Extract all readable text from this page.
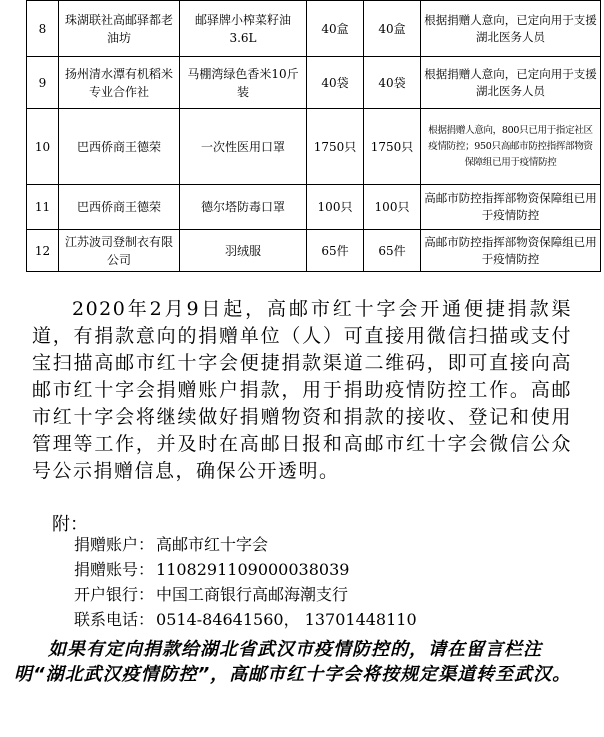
8	珠湖联社高邮驿都老油坊	邮驿牌小榨菜籽油3.6L	40盒	40盒	根据捐赠人意向，已定向用于支援湖北医务人员
9	扬州清水潭有机稻米专业合作社	马棚湾绿色香米10斤装	40袋	40袋	根据捐赠人意向，已定向用于支援湖北医务人员
10	巴西侨商王德荣	一次性医用口罩	1750只	1750只	根据捐赠人意向，800只已用于指定社区疫情防控；950只高邮市防控指挥部物资保障组已用于疫情防控
11	巴西侨商王德荣	德尔塔防毒口罩	100只	100只	高邮市防控指挥部物资保障组已用于疫情防控
12	江苏波司登制衣有限公司	羽绒服	65件	65件	高邮市防控指挥部物资保障组已用于疫情防控

2020年2月9日起，高邮市红十字会开通便捷捐款渠道，有捐款意向的捐赠单位（人）可直接用微信扫描或支付宝扫描高邮市红十字会便捷捐款渠道二维码，即可直接向高邮市红十字会捐赠账户捐款，用于捐助疫情防控工作。高邮市红十字会将继续做好捐赠物资和捐款的接收、登记和使用管理等工作，并及时在高邮日报和高邮市红十字会微信公众号公示捐赠信息，确保公开透明。

附：
捐赠账户： 高邮市红十字会
捐赠账号： 1108291109000038039
开户银行： 中国工商银行高邮海潮支行
联系电话： 0514-84641560， 13701448110

如果有定向捐款给湖北省武汉市疫情防控的，请在留言栏注明“湖北武汉疫情防控”，高邮市红十字会将按规定渠道转至武汉。
